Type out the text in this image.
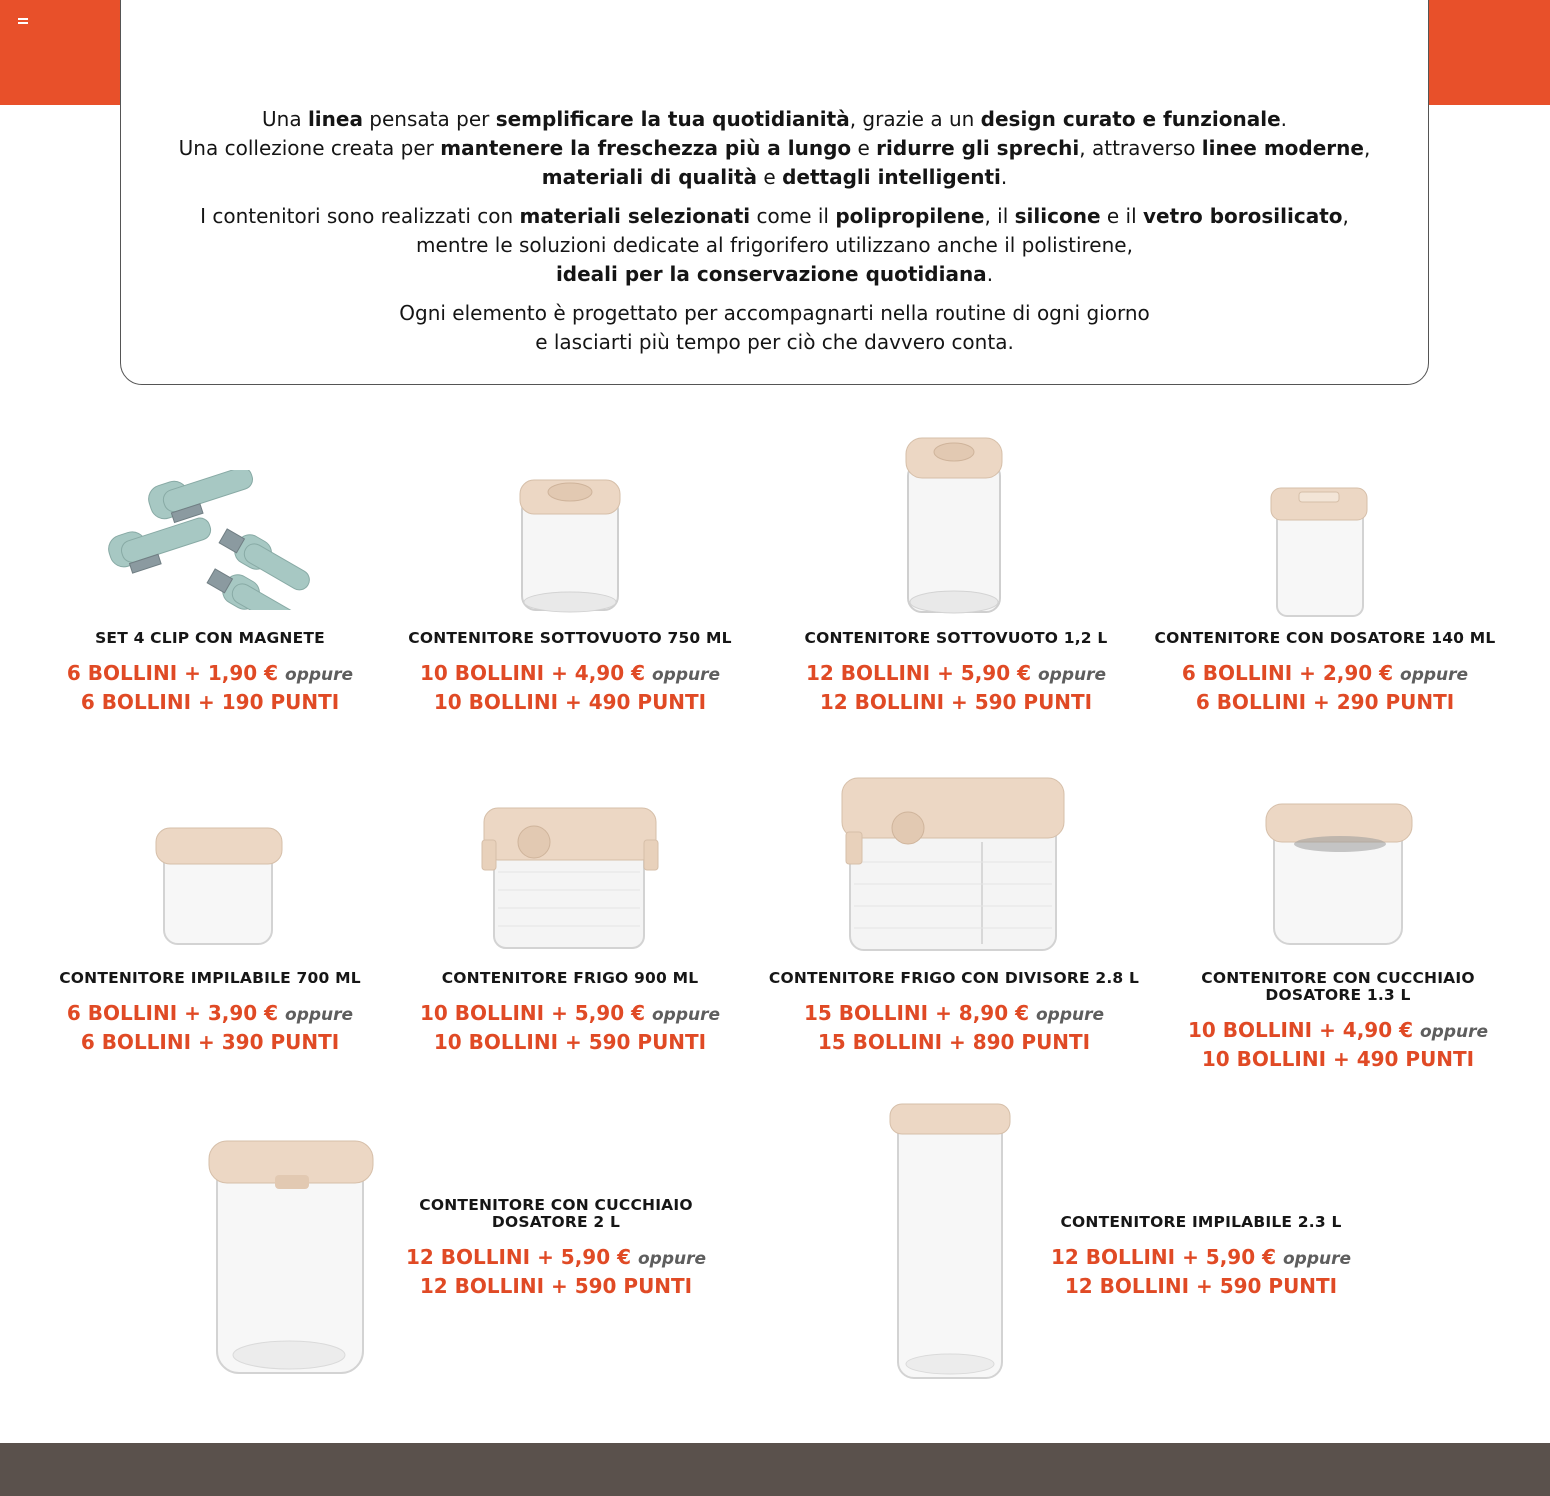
Una linea pensata per semplificare la tua quotidianità, grazie a un design curato e funzionale.
Una collezione creata per mantenere la freschezza più a lungo e ridurre gli sprechi, attraverso linee moderne,
materiali di qualità e dettagli intelligenti.

I contenitori sono realizzati con materiali selezionati come il polipropilene, il silicone e il vetro borosilicato,
mentre le soluzioni dedicate al frigorifero utilizzano anche il polistirene,
ideali per la conservazione quotidiana.

Ogni elemento è progettato per accompagnarti nella routine di ogni giorno
e lasciarti più tempo per ciò che davvero conta.

SET 4 CLIP CON MAGNETE
6 BOLLINI + 1,90 € oppure
6 BOLLINI + 190 PUNTI
CONTENITORE SOTTOVUOTO 750 ML
10 BOLLINI + 4,90 € oppure
10 BOLLINI + 490 PUNTI
CONTENITORE SOTTOVUOTO 1,2 L
12 BOLLINI + 5,90 € oppure
12 BOLLINI + 590 PUNTI
CONTENITORE CON DOSATORE 140 ML
6 BOLLINI + 2,90 € oppure
6 BOLLINI + 290 PUNTI
CONTENITORE IMPILABILE 700 ML
6 BOLLINI + 3,90 € oppure
6 BOLLINI + 390 PUNTI
CONTENITORE FRIGO 900 ML
10 BOLLINI + 5,90 € oppure
10 BOLLINI + 590 PUNTI
CONTENITORE FRIGO CON DIVISORE 2.8 L
15 BOLLINI + 8,90 € oppure
15 BOLLINI + 890 PUNTI
CONTENITORE CON CUCCHIAIO
DOSATORE 1.3 L
10 BOLLINI + 4,90 € oppure
10 BOLLINI + 490 PUNTI
CONTENITORE CON CUCCHIAIO
DOSATORE 2 L
12 BOLLINI + 5,90 € oppure
12 BOLLINI + 590 PUNTI
CONTENITORE IMPILABILE 2.3 L
12 BOLLINI + 5,90 € oppure
12 BOLLINI + 590 PUNTI
